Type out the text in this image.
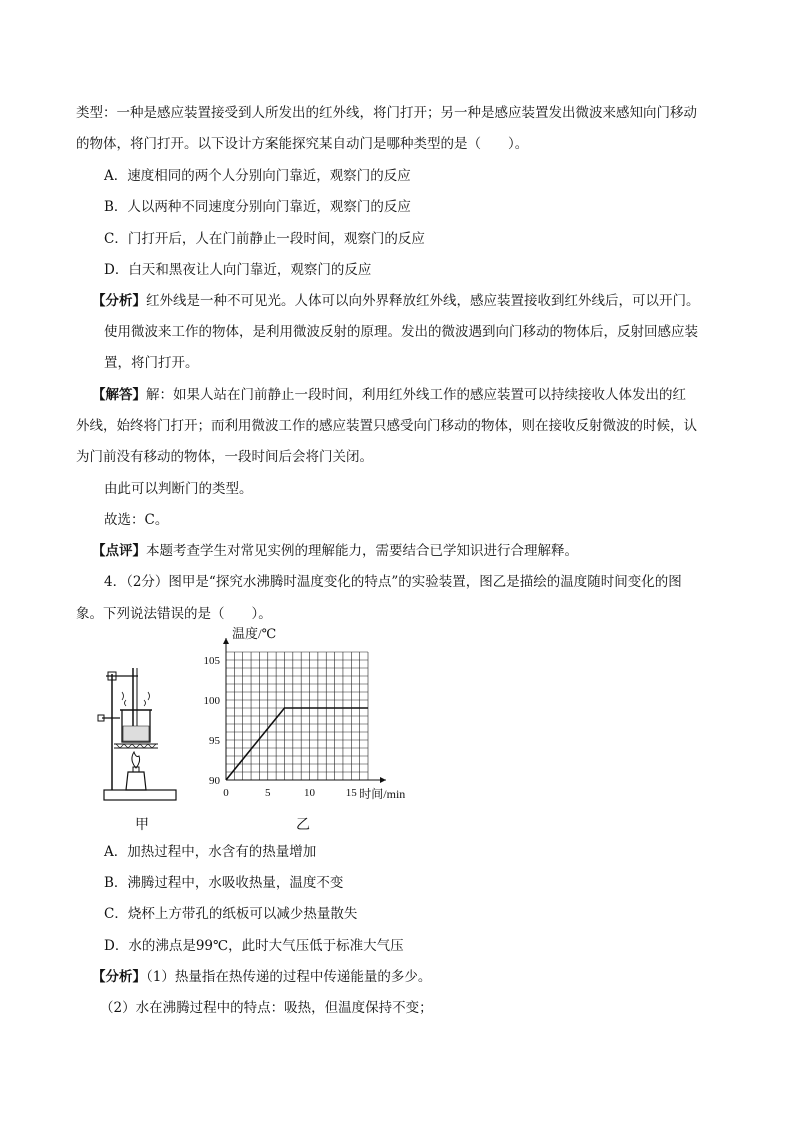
类型：一种是感应装置接受到人所发出的红外线，将门打开；另一种是感应装置发出微波来感知向门移动
的物体，将门打开。以下设计方案能探究某自动门是哪种类型的是（　　）。
A．速度相同的两个人分别向门靠近，观察门的反应
B．人以两种不同速度分别向门靠近，观察门的反应
C．门打开后，人在门前静止一段时间，观察门的反应
D．白天和黑夜让人向门靠近，观察门的反应
【分析】红外线是一种不可见光。人体可以向外界释放红外线，感应装置接收到红外线后，可以开门。
使用微波来工作的物体，是利用微波反射的原理。发出的微波遇到向门移动的物体后，反射回感应装
置，将门打开。
【解答】解：如果人站在门前静止一段时间，利用红外线工作的感应装置可以持续接收人体发出的红
外线，始终将门打开；而利用微波工作的感应装置只感受向门移动的物体，则在接收反射微波的时候，认
为门前没有移动的物体，一段时间后会将门关闭。
由此可以判断门的类型。
故选：C。
【点评】本题考查学生对常见实例的理解能力，需要结合已学知识进行合理解释。
4．（2分）图甲是“探究水沸腾时温度变化的特点”的实验装置，图乙是描绘的温度随时间变化的图
象。下列说法错误的是（　　）。
90
95
100
105
0	5	10	15
温度/℃
时间/min
甲	乙
A．加热过程中，水含有的热量增加
B．沸腾过程中，水吸收热量，温度不变
C．烧杯上方带孔的纸板可以减少热量散失
D．水的沸点是99℃，此时大气压低于标准大气压
【分析】（1）热量指在热传递的过程中传递能量的多少。
（2）水在沸腾过程中的特点：吸热，但温度保持不变；
